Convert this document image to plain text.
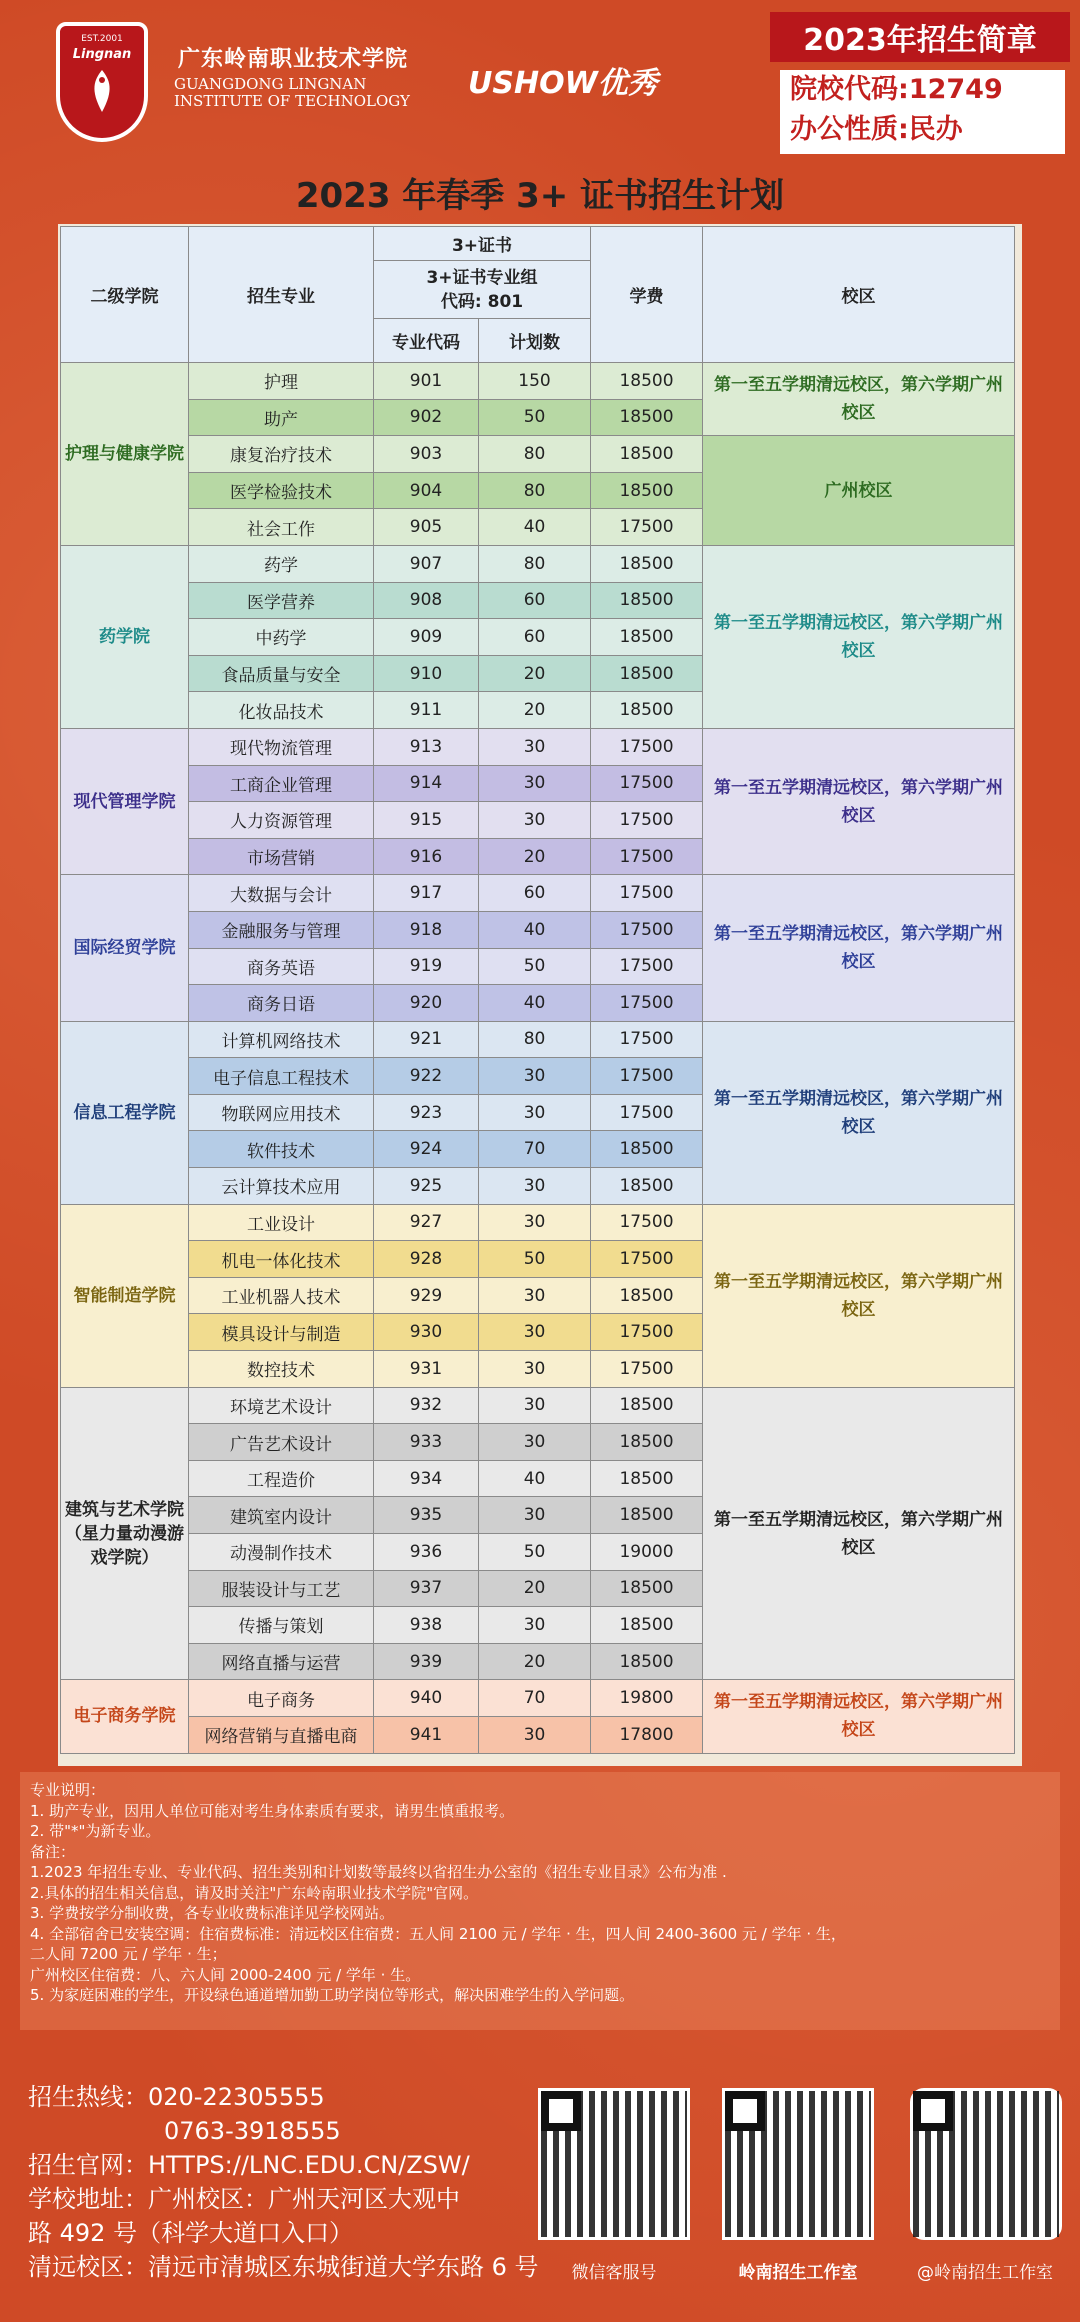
EST.2001
Lingnan 广东岭南职业技术学院
GUANGDONG LINGNAN
INSTITUTE OF TECHNOLOGY USHOW优秀
2023年招生简章
院校代码:12749
办公性质:民办
2023 年春季 3+ 证书招生计划
二级学院	招生专业	3+证书		学费	校区

		3+证书专业组
代码: 801			

		专业代码	计划数		
护理与健康学院	护理	901	150	18500	第一至五学期清远校区，第六学期广州校区
	助产	902	50	18500	
	康复治疗技术	903	80	18500	广州校区
	医学检验技术	904	80	18500	
	社会工作	905	40	17500	
药学院	药学	907	80	18500	第一至五学期清远校区，第六学期广州校区
	医学营养	908	60	18500	
	中药学	909	60	18500	
	食品质量与安全	910	20	18500	
	化妆品技术	911	20	18500	
现代管理学院	现代物流管理	913	30	17500	第一至五学期清远校区，第六学期广州校区
	工商企业管理	914	30	17500	
	人力资源管理	915	30	17500	
	市场营销	916	20	17500	
国际经贸学院	大数据与会计	917	60	17500	第一至五学期清远校区，第六学期广州校区
	金融服务与管理	918	40	17500	
	商务英语	919	50	17500	
	商务日语	920	40	17500	
信息工程学院	计算机网络技术	921	80	17500	第一至五学期清远校区，第六学期广州校区
	电子信息工程技术	922	30	17500	
	物联网应用技术	923	30	17500	
	软件技术	924	70	18500	
	云计算技术应用	925	30	18500	
智能制造学院	工业设计	927	30	17500	第一至五学期清远校区，第六学期广州校区
	机电一体化技术	928	50	17500	
	工业机器人技术	929	30	18500	
	模具设计与制造	930	30	17500	
	数控技术	931	30	17500	
建筑与艺术学院（星力量动漫游戏学院）	环境艺术设计	932	30	18500	第一至五学期清远校区，第六学期广州校区
	广告艺术设计	933	30	18500	
	工程造价	934	40	18500	
	建筑室内设计	935	30	18500	
	动漫制作技术	936	50	19000	
	服装设计与工艺	937	20	18500	
	传播与策划	938	30	18500	
	网络直播与运营	939	20	18500	
电子商务学院	电子商务	940	70	19800	第一至五学期清远校区，第六学期广州校区
	网络营销与直播电商	941	30	17800	
专业说明：
1. 助产专业，因用人单位可能对考生身体素质有要求，请男生慎重报考。
2. 带"*"为新专业。
备注：
1.2023 年招生专业、专业代码、招生类别和计划数等最终以省招生办公室的《招生专业目录》公布为准 .
2.具体的招生相关信息，请及时关注"广东岭南职业技术学院"官网。
3. 学费按学分制收费，各专业收费标准详见学校网站。
4. 全部宿舍已安装空调：住宿费标准：清远校区住宿费：五人间 2100 元 / 学年 · 生，四人间 2400-3600 元 / 学年 · 生，
二人间 7200 元 / 学年 · 生；
广州校区住宿费：八、六人间 2000-2400 元 / 学年 · 生。
5. 为家庭困难的学生，开设绿色通道增加勤工助学岗位等形式，解决困难学生的入学问题。
招生热线：020-22305555
0763-3918555
招生官网：HTTPS://LNC.EDU.CN/ZSW/
学校地址：广州校区：广州天河区大观中
路 492 号（科学大道口入口）
清远校区：清远市清城区东城街道大学东路 6 号	微信客服号	岭南招生工作室	@岭南招生工作室
